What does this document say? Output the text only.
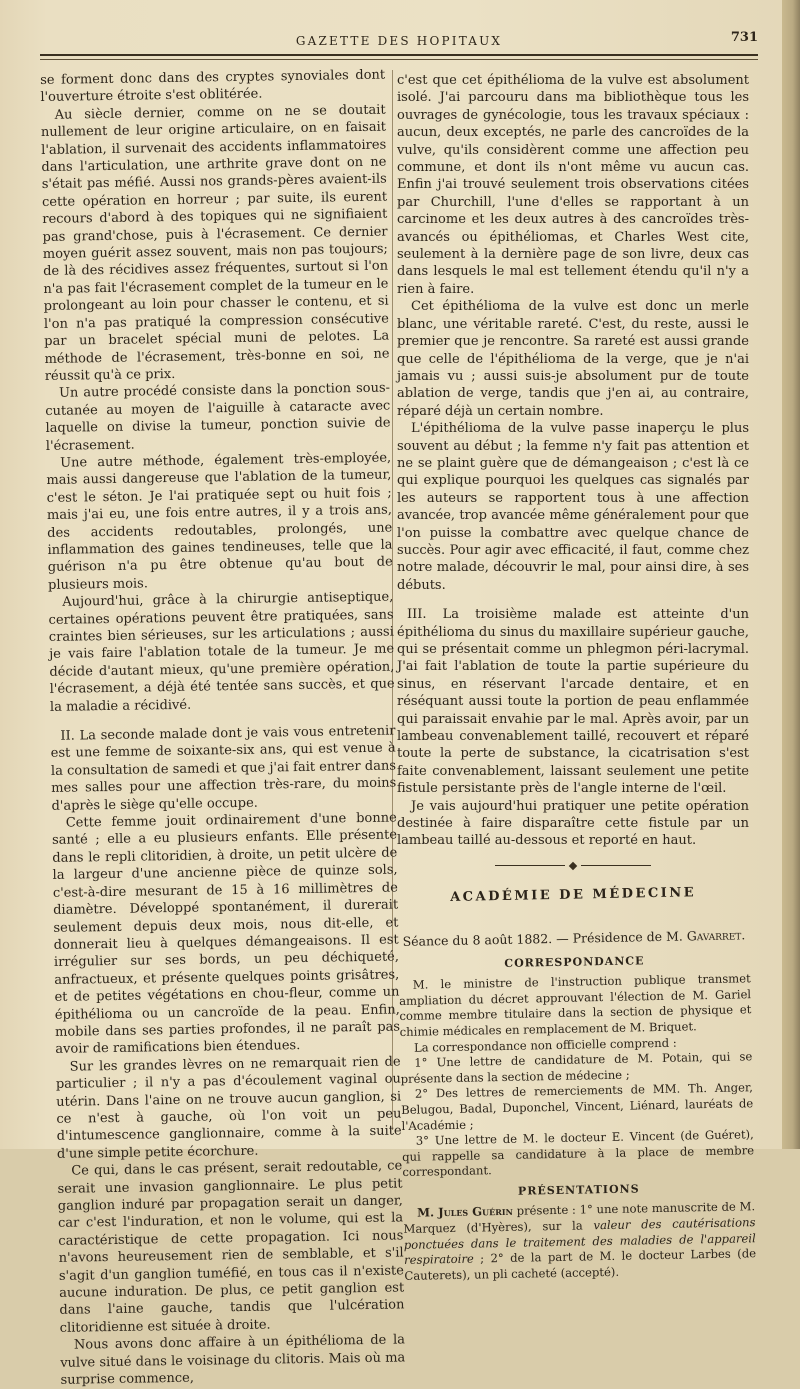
GAZETTE DES HOPITAUX	731

se forment donc dans des cryptes synoviales dont l'ouverture étroite s'est oblitérée.

Au siècle dernier, comme on ne se doutait nullement de leur origine articulaire, on en faisait l'ablation, il survenait des accidents inflammatoires dans l'articulation, une arthrite grave dont on ne s'était pas méfié. Aussi nos grands-pères avaient-ils cette opération en horreur ; par suite, ils eurent recours d'abord à des topiques qui ne signifiaient pas grand'chose, puis à l'écrasement. Ce dernier moyen guérit assez souvent, mais non pas toujours; de là des récidives assez fréquentes, surtout si l'on n'a pas fait l'écrasement complet de la tumeur en le prolongeant au loin pour chasser le contenu, et si l'on n'a pas pratiqué la compression consécutive par un bracelet spécial muni de pelotes. La méthode de l'écrasement, très-bonne en soi, ne réussit qu'à ce prix.

Un autre procédé consiste dans la ponction sous-cutanée au moyen de l'aiguille à cataracte avec laquelle on divise la tumeur, ponction suivie de l'écrasement.

Une autre méthode, également très-employée, mais aussi dangereuse que l'ablation de la tumeur, c'est le séton. Je l'ai pratiquée sept ou huit fois ; mais j'ai eu, une fois entre autres, il y a trois ans, des accidents redoutables, prolongés, une inflammation des gaines tendineuses, telle que la guérison n'a pu être obtenue qu'au bout de plusieurs mois.

Aujourd'hui, grâce à la chirurgie antiseptique, certaines opérations peuvent être pratiquées, sans craintes bien sérieuses, sur les articulations ; aussi je vais faire l'ablation totale de la tumeur. Je me décide d'autant mieux, qu'une première opération, l'écrasement, a déjà été tentée sans succès, et que la maladie a récidivé.

II. La seconde malade dont je vais vous entretenir est une femme de soixante-six ans, qui est venue à la consultation de samedi et que j'ai fait entrer dans mes salles pour une affection très-rare, du moins d'après le siège qu'elle occupe.

Cette femme jouit ordinairement d'une bonne santé ; elle a eu plusieurs enfants. Elle présente dans le repli clitoridien, à droite, un petit ulcère de la largeur d'une ancienne pièce de quinze sols, c'est-à-dire mesurant de 15 à 16 millimètres de diamètre. Développé spontanément, il durerait seulement depuis deux mois, nous dit-elle, et donnerait lieu à quelques démangeaisons. Il est irrégulier sur ses bords, un peu déchiqueté, anfractueux, et présente quelques points grisâtres, et de petites végétations en chou-fleur, comme un épithélioma ou un cancroïde de la peau. Enfin, mobile dans ses parties profondes, il ne paraît pas avoir de ramifications bien étendues.

Sur les grandes lèvres on ne remarquait rien de particulier ; il n'y a pas d'écoulement vaginal ou utérin. Dans l'aine on ne trouve aucun ganglion, si ce n'est à gauche, où l'on voit un peu d'intumescence ganglionnaire, comme à la suite d'une simple petite écorchure.

Ce qui, dans le cas présent, serait redoutable, ce serait une invasion ganglionnaire. Le plus petit ganglion induré par propagation serait un danger, car c'est l'induration, et non le volume, qui est la caractéristique de cette propagation. Ici nous n'avons heureusement rien de semblable, et s'il s'agit d'un ganglion tuméfié, en tous cas il n'existe aucune induration. De plus, ce petit ganglion est dans l'aine gauche, tandis que l'ulcération clitoridienne est située à droite.

Nous avons donc affaire à un épithélioma de la vulve situé dans le voisinage du clitoris. Mais où ma surprise commence,

c'est que cet épithélioma de la vulve est absolument isolé. J'ai parcouru dans ma bibliothèque tous les ouvrages de gynécologie, tous les travaux spéciaux : aucun, deux exceptés, ne parle des cancroïdes de la vulve, qu'ils considèrent comme une affection peu commune, et dont ils n'ont même vu aucun cas. Enfin j'ai trouvé seulement trois observations citées par Churchill, l'une d'elles se rapportant à un carcinome et les deux autres à des cancroïdes très-avancés ou épithéliomas, et Charles West cite, seulement à la dernière page de son livre, deux cas dans lesquels le mal est tellement étendu qu'il n'y a rien à faire.

Cet épithélioma de la vulve est donc un merle blanc, une véritable rareté. C'est, du reste, aussi le premier que je rencontre. Sa rareté est aussi grande que celle de l'épithélioma de la verge, que je n'ai jamais vu ; aussi suis-je absolument pur de toute ablation de verge, tandis que j'en ai, au contraire, réparé déjà un certain nombre.

L'épithélioma de la vulve passe inaperçu le plus souvent au début ; la femme n'y fait pas attention et ne se plaint guère que de démangeaison ; c'est là ce qui explique pourquoi les quelques cas signalés par les auteurs se rapportent tous à une affection avancée, trop avancée même généralement pour que l'on puisse la combattre avec quelque chance de succès. Pour agir avec efficacité, il faut, comme chez notre malade, découvrir le mal, pour ainsi dire, à ses débuts.

III. La troisième malade est atteinte d'un épithélioma du sinus du maxillaire supérieur gauche, qui se présentait comme un phlegmon péri-lacrymal. J'ai fait l'ablation de toute la partie supérieure du sinus, en réservant l'arcade dentaire, et en réséquant aussi toute la portion de peau enflammée qui paraissait envahie par le mal. Après avoir, par un lambeau convenablement taillé, recouvert et réparé toute la perte de substance, la cicatrisation s'est faite convenablement, laissant seulement une petite fistule persistante près de l'angle interne de l'œil.

Je vais aujourd'hui pratiquer une petite opération destinée à faire disparaître cette fistule par un lambeau taillé au-dessous et reporté en haut.

ACADÉMIE DE MÉDECINE
Séance du 8 août 1882. — Présidence de M. Gavarret.
CORRESPONDANCE

M. le ministre de l'instruction publique transmet ampliation du décret approuvant l'élection de M. Gariel comme membre titulaire dans la section de physique et chimie médicales en remplacement de M. Briquet.

La correspondance non officielle comprend :

1° Une lettre de candidature de M. Potain, qui se présente dans la section de médecine ;

2° Des lettres de remerciements de MM. Th. Anger, Belugou, Badal, Duponchel, Vincent, Liénard, lauréats de l'Académie ;

3° Une lettre de M. le docteur E. Vincent (de Guéret), qui rappelle sa candidature à la place de membre correspondant.

PRÉSENTATIONS

M. Jules Guérin présente : 1° une note manuscrite de M. Marquez (d'Hyères), sur la valeur des cautérisations ponctuées dans le traitement des maladies de l'appareil respiratoire ; 2° de la part de M. le docteur Larbes (de Cauterets), un pli cacheté (accepté).
